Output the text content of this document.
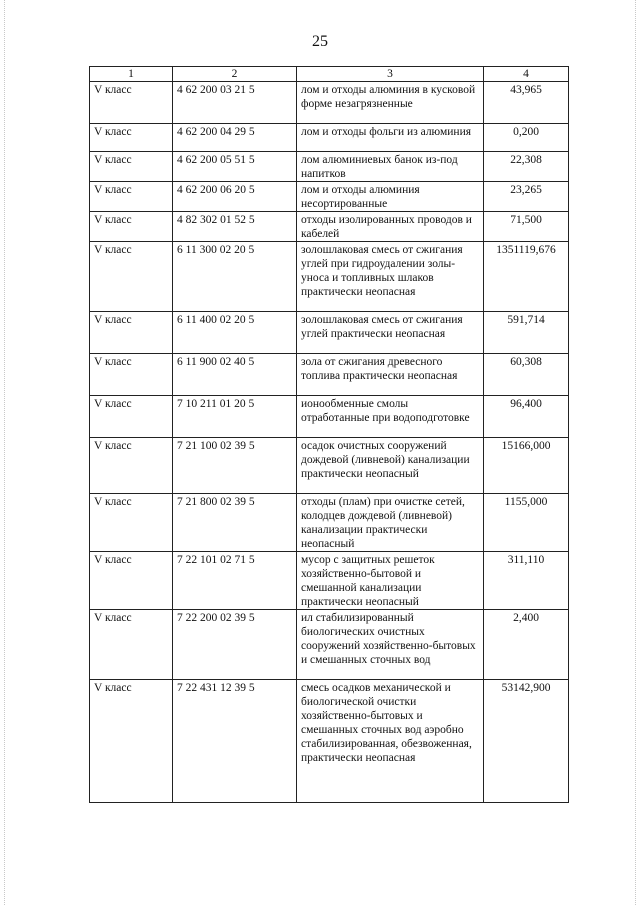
25
1	2	3	4
V класс	4 62 200 03 21 5	лом и отходы алюминия в кусковой форме незагрязненные	43,965
V класс	4 62 200 04 29 5	лом и отходы фольги из алюминия	0,200
V класс	4 62 200 05 51 5	лом алюминиевых банок из-под напитков	22,308
V класс	4 62 200 06 20 5	лом и отходы алюминия несортированные	23,265
V класс	4 82 302 01 52 5	отходы изолированных проводов и кабелей	71,500
V класс	6 11 300 02 20 5	золошлаковая смесь от сжигания углей при гидроудалении золы-уноса и топливных шлаков практически неопасная	1351119,676
V класс	6 11 400 02 20 5	золошлаковая смесь от сжигания углей практически неопасная	591,714
V класс	6 11 900 02 40 5	зола от сжигания древесного топлива практически неопасная	60,308
V класс	7 10 211 01 20 5	ионообменные смолы отработанные при водоподготовке	96,400
V класс	7 21 100 02 39 5	осадок очистных сооружений дождевой (ливневой) канализации практически неопасный	15166,000
V класс	7 21 800 02 39 5	отходы (плам) при очистке сетей, колодцев дождевой (ливневой) канализации практически неопасный	1155,000
V класс	7 22 101 02 71 5	мусор с защитных решеток хозяйственно-бытовой и смешанной канализации практически неопасный	311,110
V класс	7 22 200 02 39 5	ил стабилизированный биологических очистных сооружений хозяйственно-бытовых и смешанных сточных вод	2,400
V класс	7 22 431 12 39 5	смесь осадков механической и биологической очистки хозяйственно-бытовых и смешанных сточных вод аэробно стабилизированная, обезвоженная, практически неопасная	53142,900
